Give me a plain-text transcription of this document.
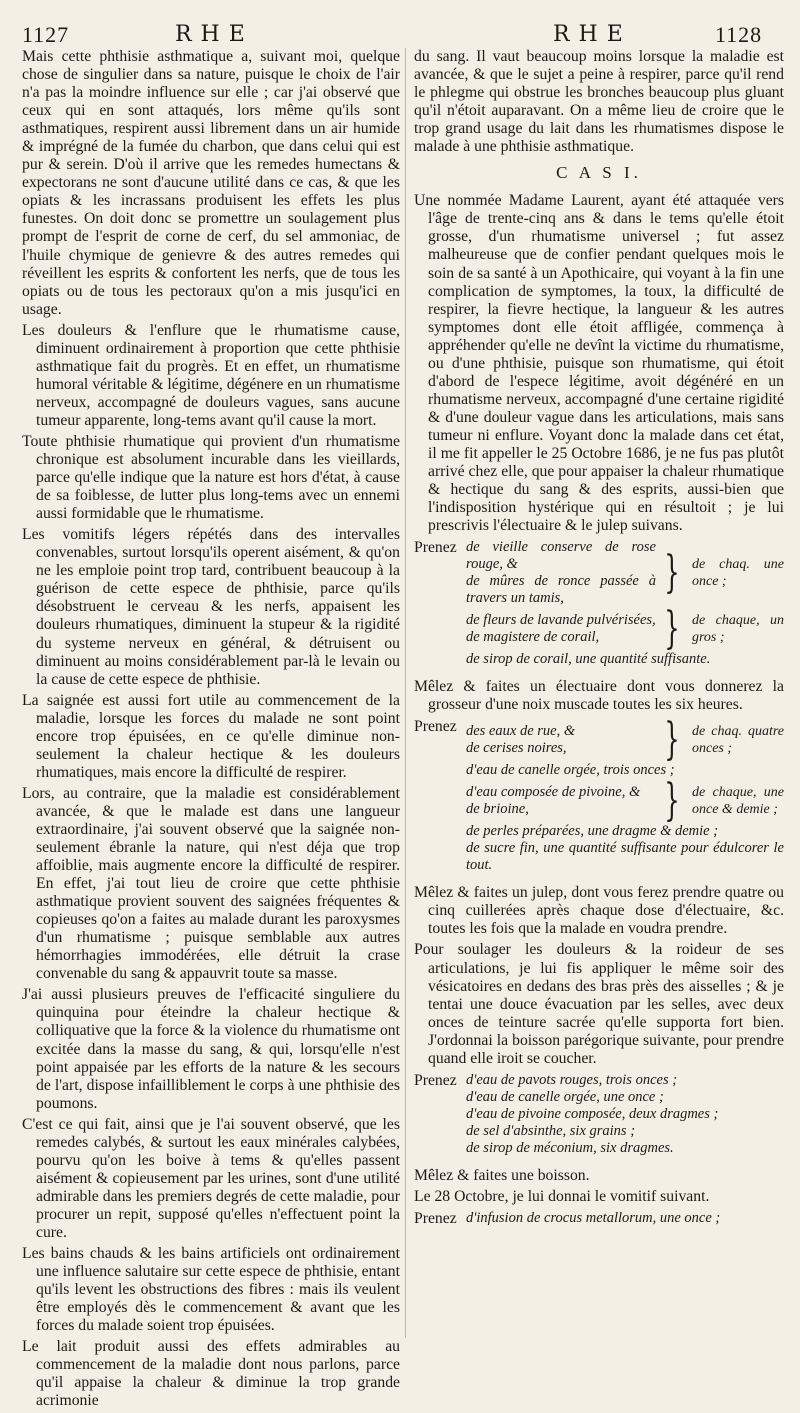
1127	R H E	R H E	1128

Mais cette phthisie asthmatique a, suivant moi, quelque chose de singulier dans sa nature, puisque le choix de l'air n'a pas la moindre influence sur elle ; car j'ai observé que ceux qui en sont attaqués, lors même qu'ils sont asthmatiques, respirent aussi librement dans un air humide & imprégné de la fumée du charbon, que dans celui qui est pur & serein. D'où il arrive que les remedes humectans & expectorans ne sont d'aucune utilité dans ce cas, & que les opiats & les incrassans produisent les effets les plus funestes. On doit donc se promettre un soulagement plus prompt de l'esprit de corne de cerf, du sel ammoniac, de l'huile chymique de genievre & des autres remedes qui réveillent les esprits & confortent les nerfs, que de tous les opiats ou de tous les pectoraux qu'on a mis jusqu'ici en usage.

Les douleurs & l'enflure que le rhumatisme cause, diminuent ordinairement à proportion que cette phthisie asthmatique fait du progrès. Et en effet, un rhumatisme humoral véritable & légitime, dégénere en un rhumatisme nerveux, accompagné de douleurs vagues, sans aucune tumeur apparente, long-tems avant qu'il cause la mort.

Toute phthisie rhumatique qui provient d'un rhumatisme chronique est absolument incurable dans les vieillards, parce qu'elle indique que la nature est hors d'état, à cause de sa foiblesse, de lutter plus long-tems avec un ennemi aussi formidable que le rhumatisme.

Les vomitifs légers répétés dans des intervalles convenables, surtout lorsqu'ils operent aisément, & qu'on ne les emploie point trop tard, contribuent beaucoup à la guérison de cette espece de phthisie, parce qu'ils désobstruent le cerveau & les nerfs, appaisent les douleurs rhumatiques, diminuent la stupeur & la rigidité du systeme nerveux en général, & détruisent ou diminuent au moins considérablement par-là le levain ou la cause de cette espece de phthisie.

La saignée est aussi fort utile au commencement de la maladie, lorsque les forces du malade ne sont point encore trop épuisées, en ce qu'elle diminue non-seulement la chaleur hectique & les douleurs rhumatiques, mais encore la difficulté de respirer.

Lors, au contraire, que la maladie est considérablement avancée, & que le malade est dans une langueur extraordinaire, j'ai souvent observé que la saignée non-seulement ébranle la nature, qui n'est déja que trop affoiblie, mais augmente encore la difficulté de respirer. En effet, j'ai tout lieu de croire que cette phthisie asthmatique provient souvent des saignées fréquentes & copieuses qo'on a faites au malade durant les paroxysmes d'un rhumatisme ; puisque semblable aux autres hémorrhagies immodérées, elle détruit la crase convenable du sang & appauvrit toute sa masse.

J'ai aussi plusieurs preuves de l'efficacité singuliere du quinquina pour éteindre la chaleur hectique & colliquative que la force & la violence du rhumatisme ont excitée dans la masse du sang, & qui, lorsqu'elle n'est point appaisée par les efforts de la nature & les secours de l'art, dispose infailliblement le corps à une phthisie des poumons.

C'est ce qui fait, ainsi que je l'ai souvent observé, que les remedes calybés, & surtout les eaux minérales calybées, pourvu qu'on les boive à tems & qu'elles passent aisément & copieusement par les urines, sont d'une utilité admirable dans les premiers degrés de cette maladie, pour procurer un repit, supposé qu'elles n'effectuent point la cure.

Les bains chauds & les bains artificiels ont ordinairement une influence salutaire sur cette espece de phthisie, entant qu'ils levent les obstructions des fibres : mais ils veulent être employés dès le commencement & avant que les forces du malade soient trop épuisées.

Le lait produit aussi des effets admirables au commencement de la maladie dont nous parlons, parce qu'il appaise la chaleur & diminue la trop grande acrimonie

du sang. Il vaut beaucoup moins lorsque la maladie est avancée, & que le sujet a peine à respirer, parce qu'il rend le phlegme qui obstrue les bronches beaucoup plus gluant qu'il n'étoit auparavant. On a même lieu de croire que le trop grand usage du lait dans les rhumatismes dispose le malade à une phthisie asthmatique.

C A S I.

Une nommée Madame Laurent, ayant été attaquée vers l'âge de trente-cinq ans & dans le tems qu'elle étoit grosse, d'un rhumatisme universel ; fut assez malheureuse que de confier pendant quelques mois le soin de sa santé à un Apothicaire, qui voyant à la fin une complication de symptomes, la toux, la difficulté de respirer, la fievre hectique, la langueur & les autres symptomes dont elle étoit affligée, commença à appréhender qu'elle ne devînt la victime du rhumatisme, ou d'une phthisie, puisque son rhumatisme, qui étoit d'abord de l'espece légitime, avoit dégénéré en un rhumatisme nerveux, accompagné d'une certaine rigidité & d'une douleur vague dans les articulations, mais sans tumeur ni enflure. Voyant donc la malade dans cet état, il me fit appeller le 25 Octobre 1686, je ne fus pas plutôt arrivé chez elle, que pour appaiser la chaleur rhumatique & hectique du sang & des esprits, aussi-bien que l'indisposition hystérique qui en résultoit ; je lui prescrivis l'électuaire & le julep suivans.

Prenez de vieille conserve de rose rouge, &
de mûres de ronce passée à travers un tamis,	} de chaq. une once ;
de fleurs de lavande pulvérisées,
de magistere de corail,	} de chaque, un gros ;
de sirop de corail, une quantité suffisante.

Mêlez & faites un électuaire dont vous donnerez la grosseur d'une noix muscade toutes les six heures.

Prenez des eaux de rue, &
de cerises noires,	} de chaq. quatre onces ;
d'eau de canelle orgée, trois onces ;
d'eau composée de pivoine, &
de brioine,	} de chaque, une once & demie ;
de perles préparées, une dragme & demie ;
de sucre fin, une quantité suffisante pour édulcorer le tout.

Mêlez & faites un julep, dont vous ferez prendre quatre ou cinq cuillerées après chaque dose d'électuaire, &c. toutes les fois que la malade en voudra prendre.

Pour soulager les douleurs & la roideur de ses articulations, je lui fis appliquer le même soir des vésicatoires en dedans des bras près des aisselles ; & je tentai une douce évacuation par les selles, avec deux onces de teinture sacrée qu'elle supporta fort bien. J'ordonnai la boisson parégorique suivante, pour prendre quand elle iroit se coucher.

Prenez d'eau de pavots rouges, trois onces ;
d'eau de canelle orgée, une once ;
d'eau de pivoine composée, deux dragmes ;
de sel d'absinthe, six grains ;
de sirop de méconium, six dragmes.

Mêlez & faites une boisson.

Le 28 Octobre, je lui donnai le vomitif suivant.

Prenez d'infusion de crocus metallorum, une once ;
